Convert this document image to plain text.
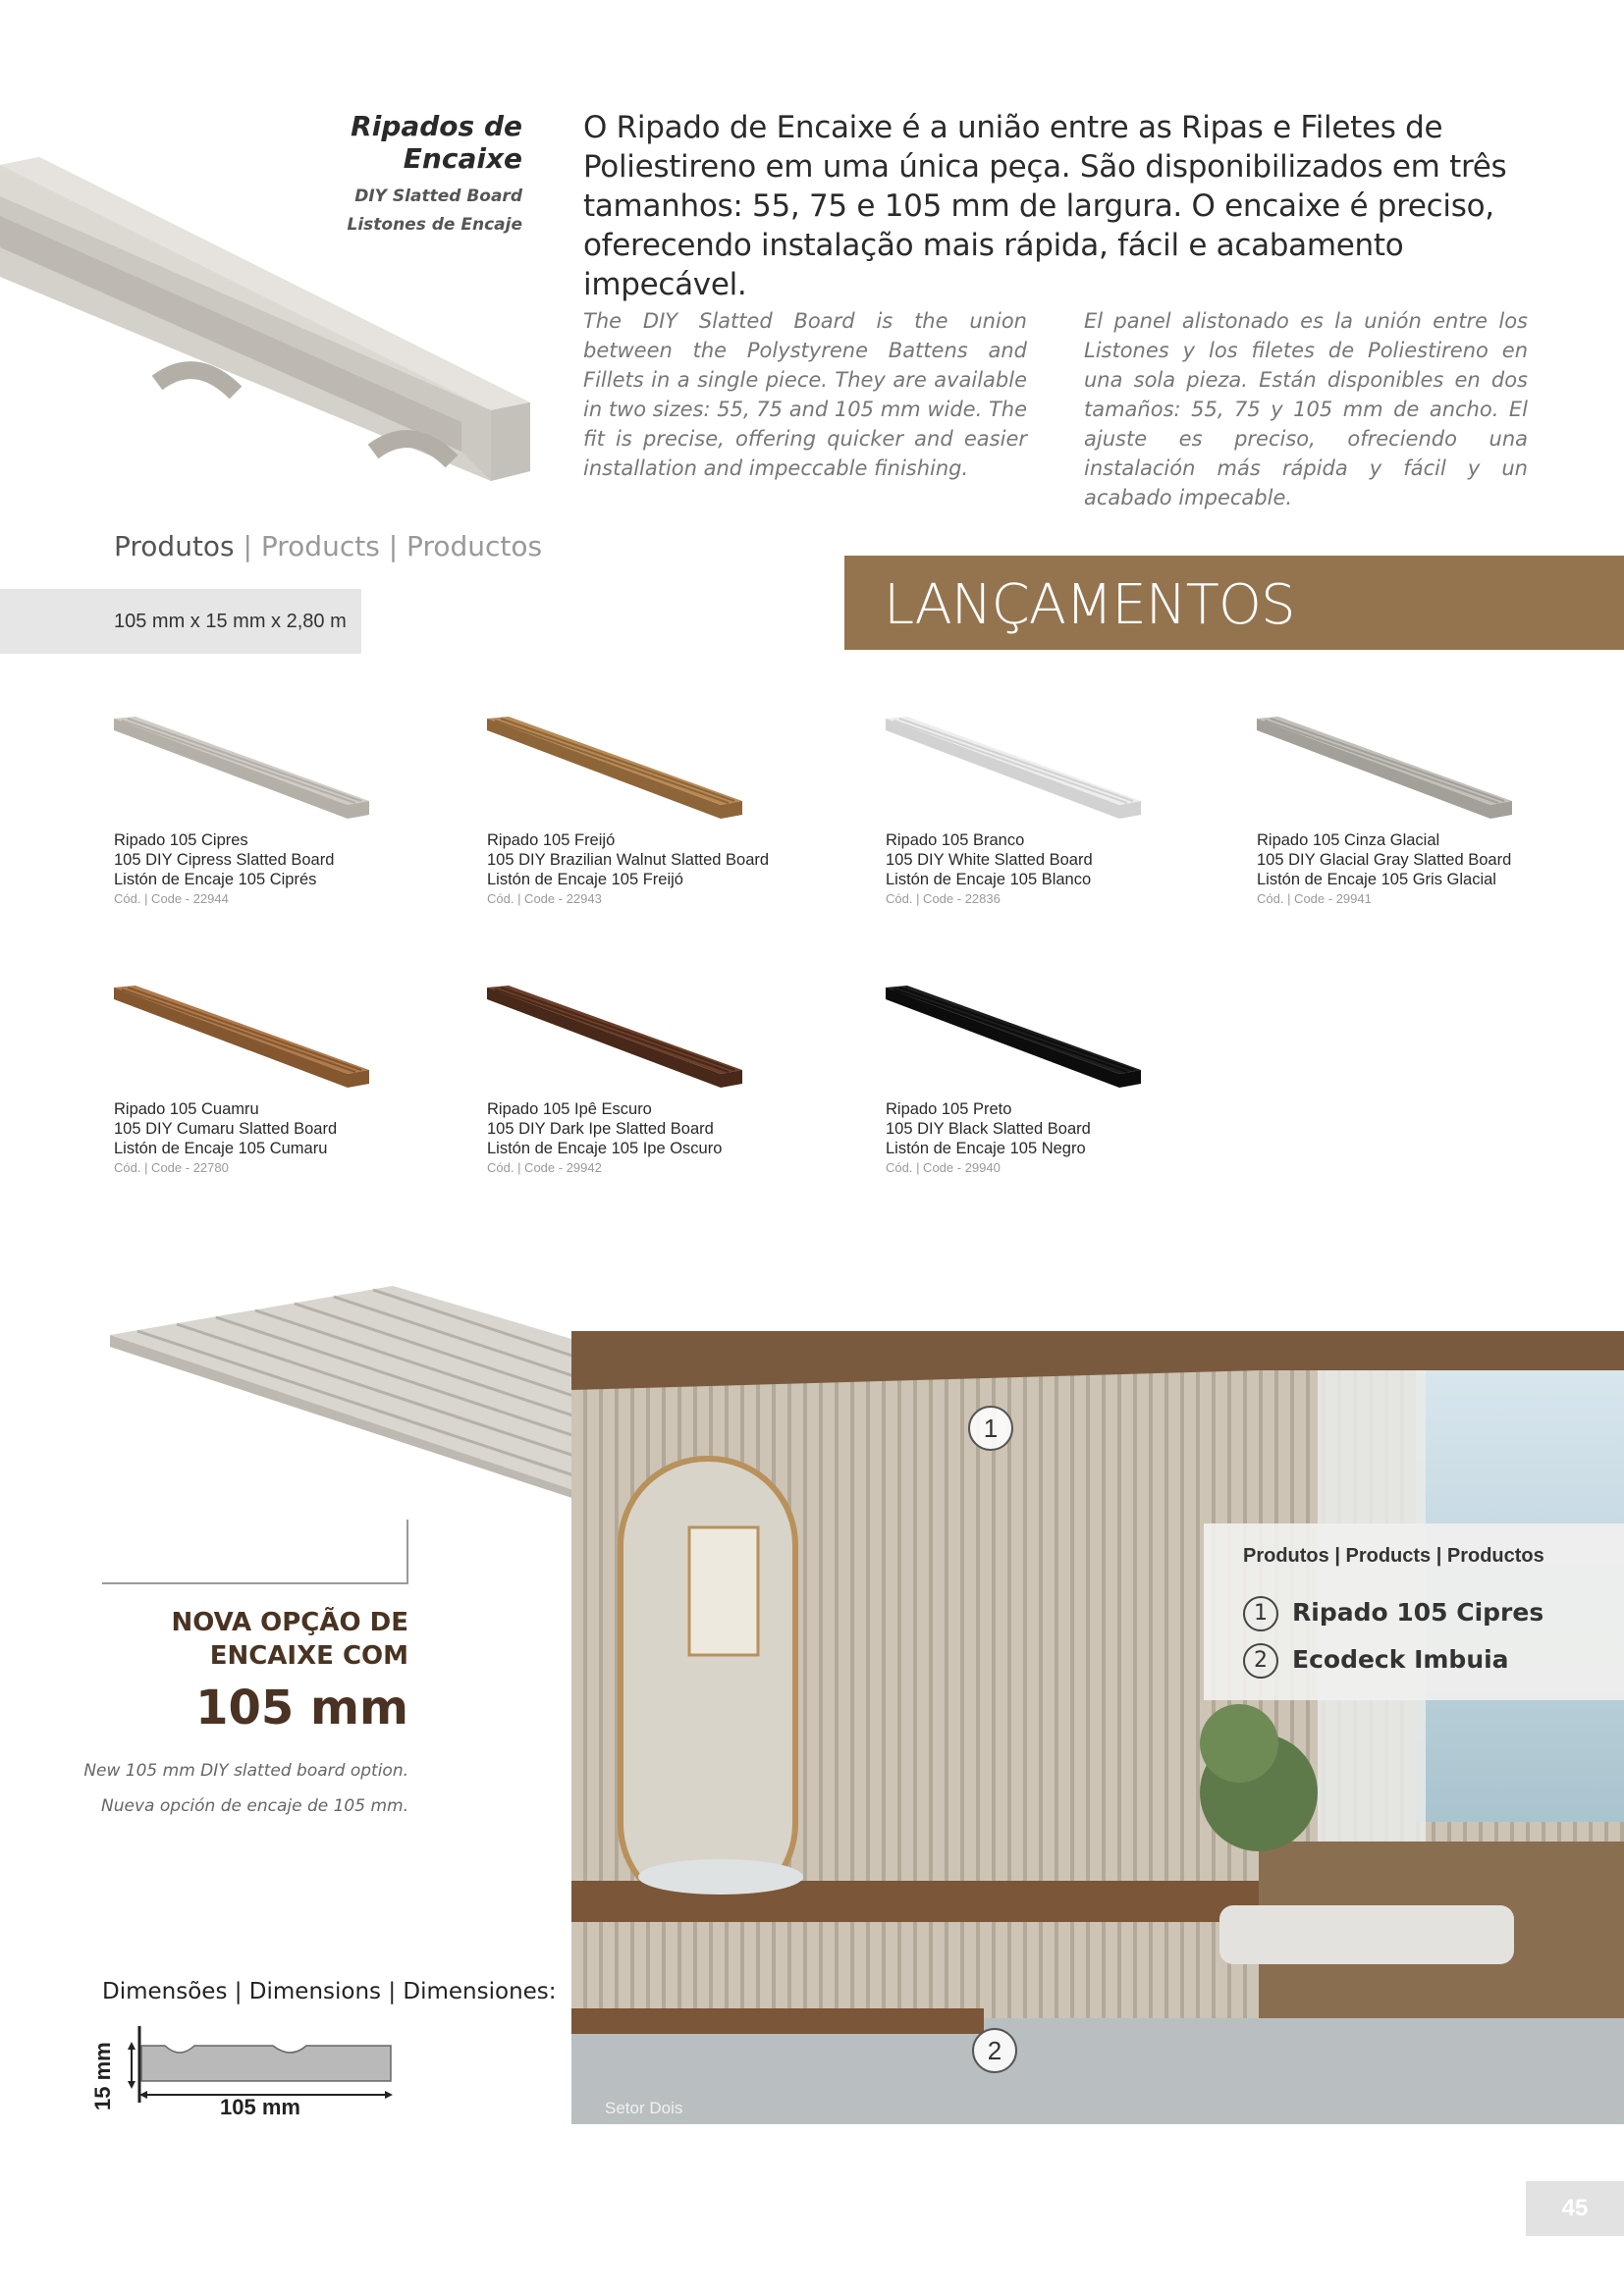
Ripados de Encaixe
DIY Slatted Board
Listones de Encaje

O Ripado de Encaixe é a união entre as Ripas e Filetes de Poliestireno em uma única peça. São disponibilizados em três tamanhos: 55, 75 e 105 mm de largura. O encaixe é preciso, oferecendo instalação mais rápida, fácil e acabamento impecável.

The DIY Slatted Board is the union between the Polystyrene Battens and Fillets in a single piece. They are available in two sizes: 55, 75 and 105 mm wide. The fit is precise, offering quicker and easier installation and impeccable finishing.

El panel alistonado es la unión entre los Listones y los filetes de Poliestireno en una sola pieza. Están disponibles en dos tamaños: 55, 75 y 105 mm de ancho. El ajuste es preciso, ofreciendo una instalación más rápida y fácil y un acabado impecable.

Produtos | Products | Productos
105 mm x 15 mm x 2,80 m	LANÇAMENTOS
Ripado 105 Cipres
105 DIY Cipress Slatted Board
Listón de Encaje 105 Ciprés
Cód. | Code - 22944
Ripado 105 Freijó
105 DIY Brazilian Walnut Slatted Board
Listón de Encaje 105 Freijó
Cód. | Code - 22943
Ripado 105 Branco
105 DIY White Slatted Board
Listón de Encaje 105 Blanco
Cód. | Code - 22836
Ripado 105 Cinza Glacial
105 DIY Glacial Gray Slatted Board
Listón de Encaje 105 Gris Glacial
Cód. | Code - 29941
Ripado 105 Cuamru
105 DIY Cumaru Slatted Board
Listón de Encaje 105 Cumaru
Cód. | Code - 22780
Ripado 105 Ipê Escuro
105 DIY Dark Ipe Slatted Board
Listón de Encaje 105 Ipe Oscuro
Cód. | Code - 29942
Ripado 105 Preto
105 DIY Black Slatted Board
Listón de Encaje 105 Negro
Cód. | Code - 29940
NOVA OPÇÃO DE
ENCAIXE COM
105 mm
New 105 mm DIY slatted board option.
Nueva opción de encaje de 105 mm.
Dimensões | Dimensions | Dimensiones:
105 mm
15 mm	Setor Dois
1
2
Produtos | Products | Productos
1 Ripado 105 Cipres
2 Ecodeck Imbuia
45
